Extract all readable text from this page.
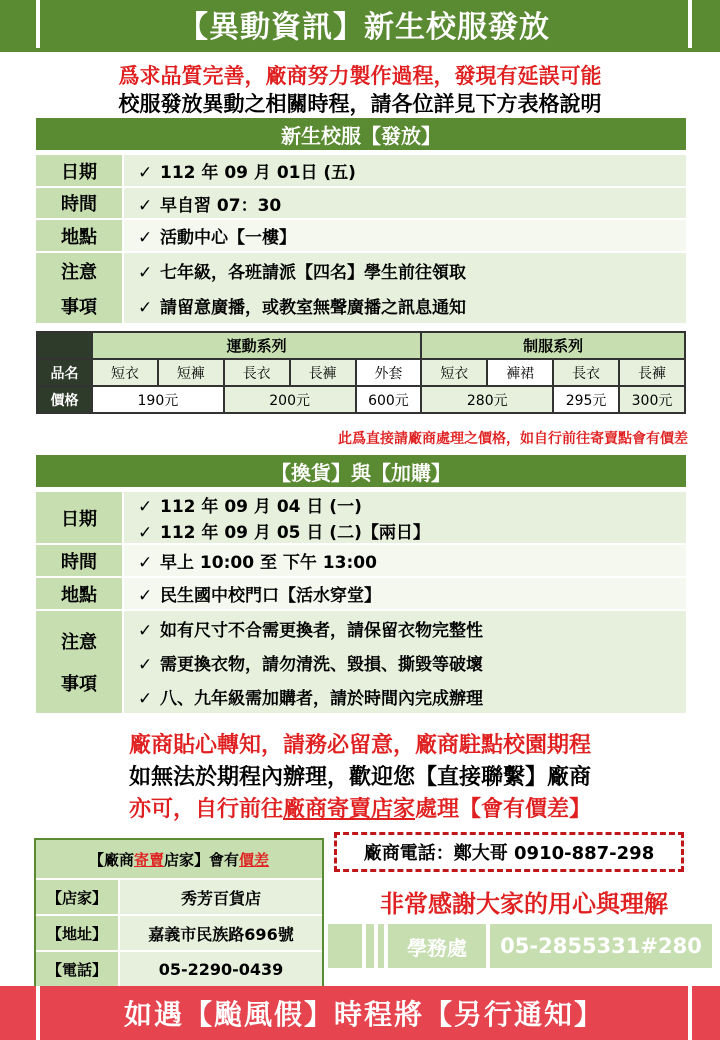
【異動資訊】新生校服發放
爲求品質完善，廠商努力製作過程，發現有延誤可能
校服發放異動之相關時程，請各位詳見下方表格說明
新生校服【發放】
日期	✓ 112 年 09 月 01日 (五)
時間	✓ 早自習 07：30
地點	✓ 活動中心【一樓】
注意
事項
✓ 七年級，各班請派【四名】學生前往領取
✓ 請留意廣播，或教室無聲廣播之訊息通知
	運動系列					制服系列			
品名	短衣	短褲	長衣	長褲	外套	短衣	褲裙	長衣	長褲
價格	190元		200元		600元	280元		295元	300元
此爲直接請廠商處理之價格，如自行前往寄賣點會有價差
【換貨】與【加購】
日期
✓ 112 年 09 月 04 日 (一)
✓ 112 年 09 月 05 日 (二)【兩日】
時間	✓ 早上 10:00 至 下午 13:00
地點	✓ 民生國中校門口【活水穿堂】
注意
事項
✓ 如有尺寸不合需更換者，請保留衣物完整性
✓ 需更換衣物，請勿清洗、毀損、撕毀等破壞
✓ 八、九年級需加購者，請於時間內完成辦理
廠商貼心轉知，請務必留意，廠商駐點校園期程
如無法於期程內辦理，歡迎您【直接聯繫】廠商
亦可，自行前往廠商寄賣店家處理【會有價差】
【廠商 寄賣 店家】會有 價差
【店家】	秀芳百貨店
【地址】	嘉義市民族路696號
【電話】	05-2290-0439
廠商電話：鄭大哥 0910-887-298
非常感謝大家的用心與理解
學務處	05-2855331#280
如遇【颱風假】時程將【另行通知】
